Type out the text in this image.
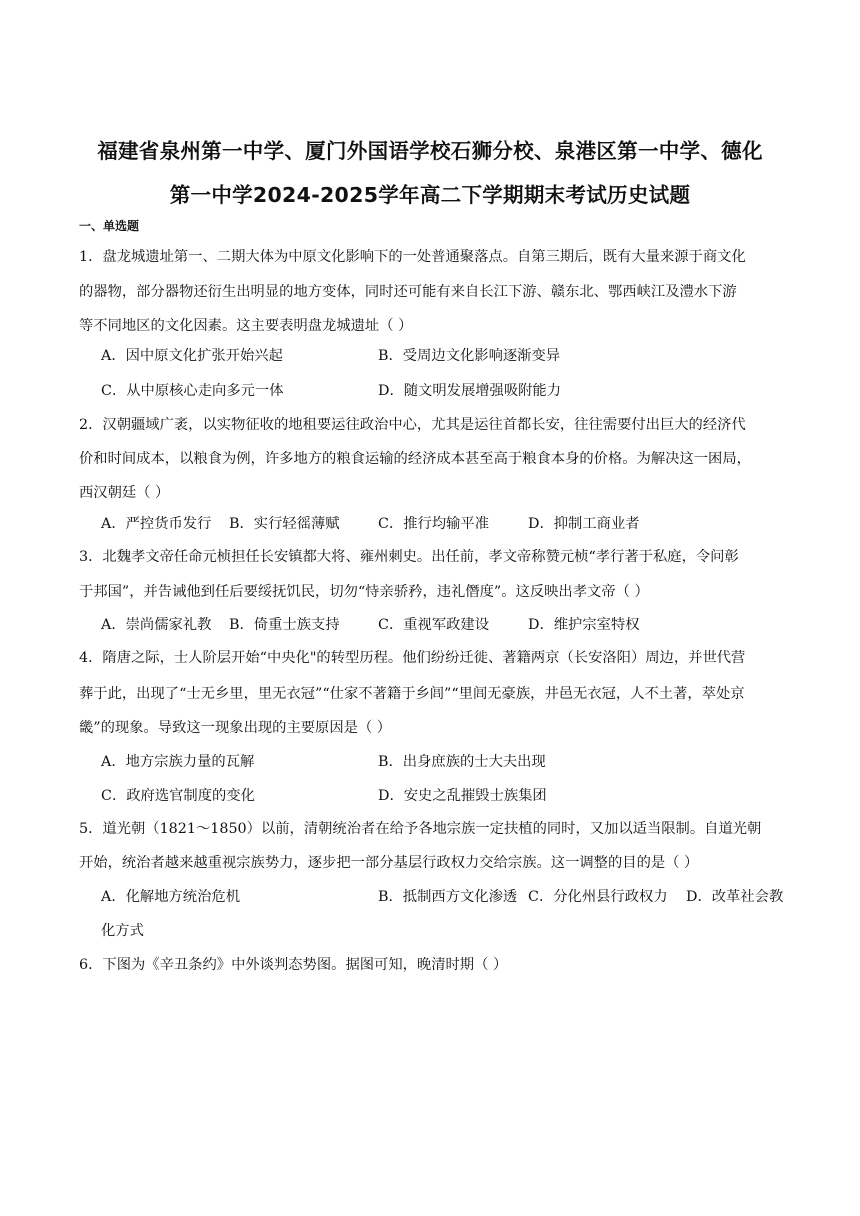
福建省泉州第一中学、厦门外国语学校石狮分校、泉港区第一中学、德化
第一中学2024-2025学年高二下学期期末考试历史试题
一、单选题
1．盘龙城遗址第一、二期大体为中原文化影响下的一处普通聚落点。自第三期后，既有大量来源于商文化
的器物，部分器物还衍生出明显的地方变体，同时还可能有来自长江下游、赣东北、鄂西峡江及澧水下游
等不同地区的文化因素。这主要表明盘龙城遗址（ ）
A．因中原文化扩张开始兴起	B．受周边文化影响逐渐变异
C．从中原核心走向多元一体	D．随文明发展增强吸附能力
2．汉朝疆域广袤，以实物征收的地租要运往政治中心，尤其是运往首都长安，往往需要付出巨大的经济代
价和时间成本，以粮食为例，许多地方的粮食运输的经济成本甚至高于粮食本身的价格。为解决这一困局，
西汉朝廷（ ）
A．严控货币发行 B．实行轻徭薄赋	C．推行均输平准	D．抑制工商业者
3．北魏孝文帝任命元桢担任长安镇都大将、雍州刺史。出任前，孝文帝称赞元桢“孝行著于私庭，令问彰
于邦国”，并告诫他到任后要绥抚饥民，切勿“恃亲骄矜，违礼僭度”。这反映出孝文帝（ ）
A．崇尚儒家礼教 B．倚重士族支持	C．重视军政建设	D．维护宗室特权
4．隋唐之际，士人阶层开始“中央化"的转型历程。他们纷纷迁徙、著籍两京（长安洛阳）周边，并世代营
葬于此，出现了“士无乡里，里无衣冠”“仕家不著籍于乡闾”“里闾无豪族，井邑无衣冠，人不土著，萃处京
畿”的现象。导致这一现象出现的主要原因是（ ）
A．地方宗族力量的瓦解	B．出身庶族的士大夫出现
C．政府选官制度的变化	D．安史之乱摧毁士族集团
5．道光朝（1821～1850）以前，清朝统治者在给予各地宗族一定扶植的同时，又加以适当限制。自道光朝
开始，统治者越来越重视宗族势力，逐步把一部分基层行政权力交给宗族。这一调整的目的是（ ）
A．化解地方统治危机	B．抵制西方文化渗透 C．分化州县行政权力 D．改革社会教
化方式
6．下图为《辛丑条约》中外谈判态势图。据图可知，晚清时期（ ）
